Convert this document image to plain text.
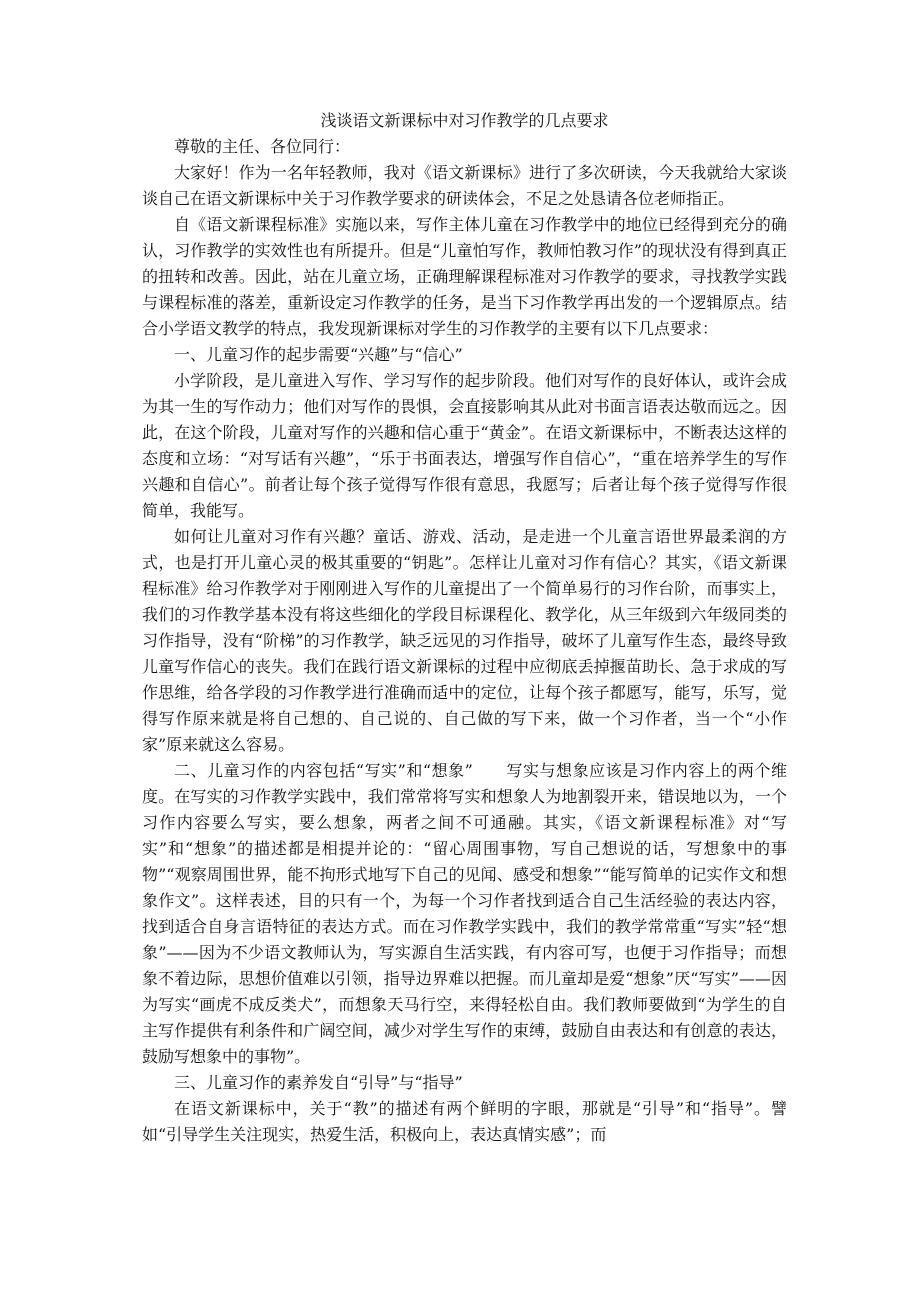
浅谈语文新课标中对习作教学的几点要求

尊敬的主任、各位同行：

大家好！作为一名年轻教师，我对《语文新课标》进行了多次研读，今天我就给大家谈谈自己在语文新课标中关于习作教学要求的研读体会，不足之处恳请各位老师指正。

自《语文新课程标准》实施以来，写作主体儿童在习作教学中的地位已经得到充分的确认，习作教学的实效性也有所提升。但是“儿童怕写作，教师怕教习作”的现状没有得到真正的扭转和改善。因此，站在儿童立场，正确理解课程标准对习作教学的要求，寻找教学实践与课程标准的落差，重新设定习作教学的任务，是当下习作教学再出发的一个逻辑原点。结合小学语文教学的特点，我发现新课标对学生的习作教学的主要有以下几点要求：

一、儿童习作的起步需要“兴趣”与“信心”

小学阶段，是儿童进入写作、学习写作的起步阶段。他们对写作的良好体认，或许会成为其一生的写作动力；他们对写作的畏惧，会直接影响其从此对书面言语表达敬而远之。因此，在这个阶段，儿童对写作的兴趣和信心重于“黄金”。在语文新课标中，不断表达这样的态度和立场：“对写话有兴趣”，“乐于书面表达，增强写作自信心”，“重在培养学生的写作兴趣和自信心”。前者让每个孩子觉得写作很有意思，我愿写；后者让每个孩子觉得写作很简单，我能写。

如何让儿童对习作有兴趣？童话、游戏、活动，是走进一个儿童言语世界最柔润的方式，也是打开儿童心灵的极其重要的“钥匙”。怎样让儿童对习作有信心？其实，《语文新课程标准》给习作教学对于刚刚进入写作的儿童提出了一个简单易行的习作台阶，而事实上，我们的习作教学基本没有将这些细化的学段目标课程化、教学化，从三年级到六年级同类的习作指导，没有“阶梯”的习作教学，缺乏远见的习作指导，破坏了儿童写作生态，最终导致儿童写作信心的丧失。我们在践行语文新课标的过程中应彻底丢掉揠苗助长、急于求成的写作思维，给各学段的习作教学进行准确而适中的定位，让每个孩子都愿写，能写，乐写，觉得写作原来就是将自己想的、自己说的、自己做的写下来，做一个习作者，当一个“小作家”原来就这么容易。

二、儿童习作的内容包括“写实”和“想象”　　写实与想象应该是习作内容上的两个维度。在写实的习作教学实践中，我们常常将写实和想象人为地割裂开来，错误地以为，一个习作内容要么写实，要么想象，两者之间不可通融。其实，《语文新课程标准》对“写实”和“想象”的描述都是相提并论的：“留心周围事物，写自己想说的话，写想象中的事物”“观察周围世界，能不拘形式地写下自己的见闻、感受和想象”“能写简单的记实作文和想象作文”。这样表述，目的只有一个，为每一个习作者找到适合自己生活经验的表达内容，找到适合自身言语特征的表达方式。而在习作教学实践中，我们的教学常常重“写实”轻“想象”——因为不少语文教师认为，写实源自生活实践，有内容可写，也便于习作指导；而想象不着边际，思想价值难以引领，指导边界难以把握。而儿童却是爱“想象”厌“写实”——因为写实“画虎不成反类犬”，而想象天马行空，来得轻松自由。我们教师要做到“为学生的自主写作提供有利条件和广阔空间，减少对学生写作的束缚，鼓励自由表达和有创意的表达，鼓励写想象中的事物”。

三、儿童习作的素养发自“引导”与“指导”

在语文新课标中，关于“教”的描述有两个鲜明的字眼，那就是“引导”和“指导”。譬如“引导学生关注现实，热爱生活，积极向上，表达真情实感”；而
